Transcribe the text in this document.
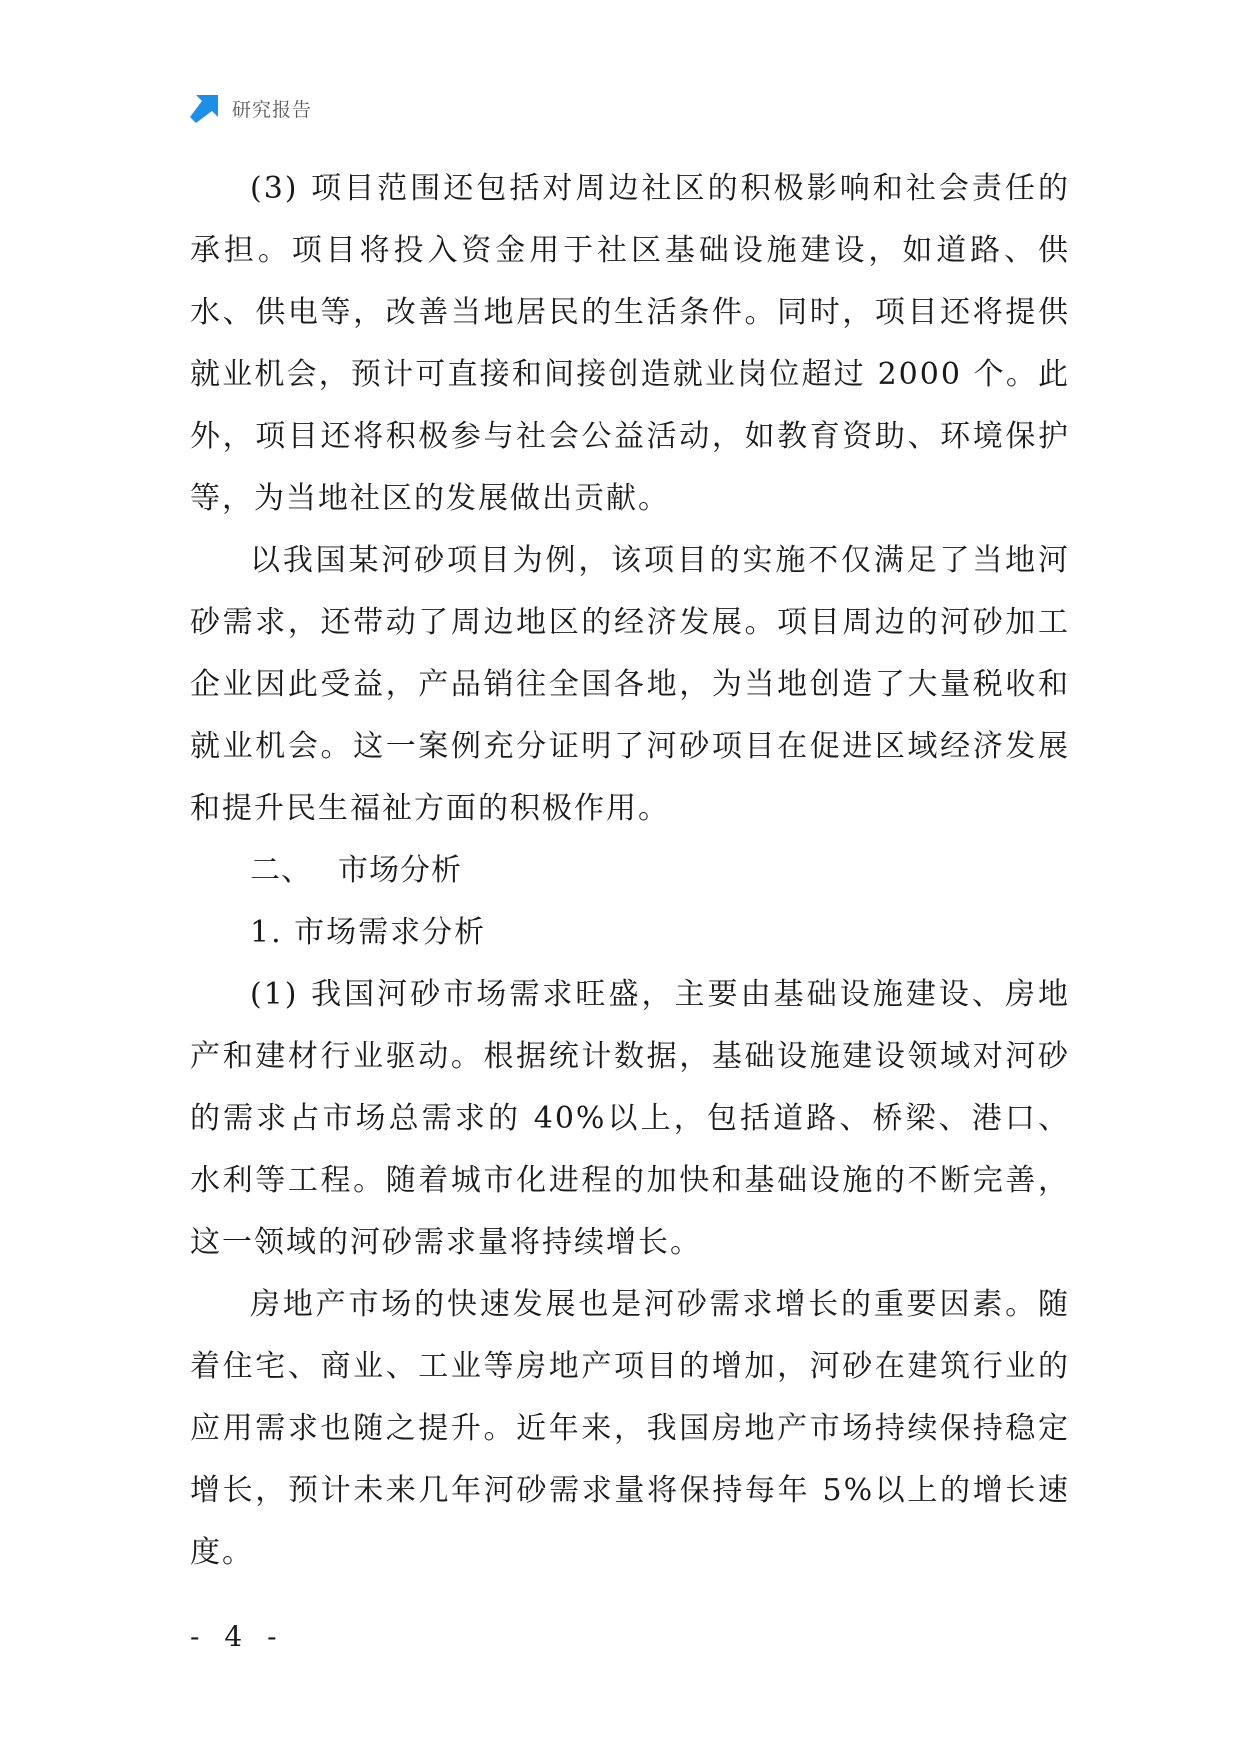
研究报告

(3) 项目范围还包括对周边社区的积极影响和社会责任的承担。项目将投入资金用于社区基础设施建设，如道路、供水、供电等，改善当地居民的生活条件。同时，项目还将提供就业机会，预计可直接和间接创造就业岗位超过 2000 个。此外，项目还将积极参与社会公益活动，如教育资助、环境保护等，为当地社区的发展做出贡献。

以我国某河砂项目为例，该项目的实施不仅满足了当地河砂需求，还带动了周边地区的经济发展。项目周边的河砂加工企业因此受益，产品销往全国各地，为当地创造了大量税收和就业机会。这一案例充分证明了河砂项目在促进区域经济发展和提升民生福祉方面的积极作用。

二、 市场分析
1. 市场需求分析

(1) 我国河砂市场需求旺盛，主要由基础设施建设、房地产和建材行业驱动。根据统计数据，基础设施建设领域对河砂的需求占市场总需求的 40%以上，包括道路、桥梁、港口、水利等工程。随着城市化进程的加快和基础设施的不断完善，这一领域的河砂需求量将持续增长。

房地产市场的快速发展也是河砂需求增长的重要因素。随着住宅、商业、工业等房地产项目的增加，河砂在建筑行业的应用需求也随之提升。近年来，我国房地产市场持续保持稳定增长，预计未来几年河砂需求量将保持每年 5%以上的增长速度。

- 4 -
